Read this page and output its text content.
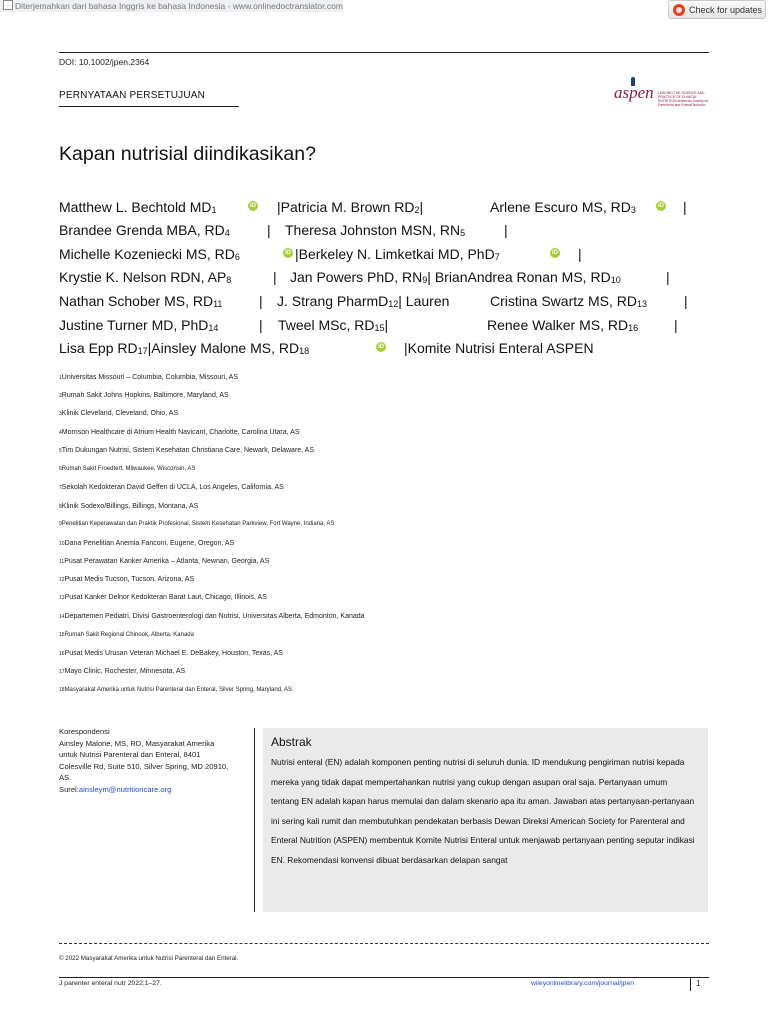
Diterjemahkan dari bahasa Inggris ke bahasa Indonesia - www.onlinedoctranslator.com	Check for updates
DOI: 10.1002/jpen.2364
PERNYATAAN PERSETUJUAN	aspen LEADING THE SCIENCE AND PRACTICE OF CLINICAL NUTRITION American Society for Parenteral and Enteral Nutrition
Kapan nutrisial diindikasikan?
Matthew L. Bechtold $MD_1$	iD |Patricia M. Brown $RD_2|$	Arlene Escuro MS, $RD_3$	iD |
Brandee Grenda MBA, $RD_4$	| Theresa Johnston MSN, $RN_5$	|
Michelle Kozeniecki MS, $RD_6$	iD |Berkeley N. Limketkai MD, PhD$_7$	iD |
Krystie K. Nelson RDN, $AP_8$	| Jan Powers PhD, $RN_9|$ BrianAndrea Ronan MS, $RD_{10}$	|
Nathan Schober MS, $RD_{11}$	| J. Strang PharmD$_{12}$| Lauren	Cristina Swartz MS, $RD_{13}$	|
Justine Turner MD, PhD$_{14}$	| Tweel MSc, $RD_{15}|$	Renee Walker MS, $RD_{16}$	|
Lisa Epp $RD_{17}|Ainsley$ Malone MS, $RD_{18}$	iD |Komite Nutrisi Enteral ASPEN
1Universitas Missouri – Columbia, Columbia, Missouri, AS
2Rumah Sakit Johns Hopkins, Baltimore, Maryland, AS
3Klinik Cleveland, Cleveland, Ohio, AS
4Morrison Healthcare di Atrium Health Navicant, Charlotte, Carolina Utara, AS
5Tim Dukungan Nutrisi, Sistem Kesehatan Christiana Care, Newark, Delaware, AS
6Rumah Sakit Froedtert, Milwaukee, Wisconsin, AS
7Sekolah Kedokteran David Geffen di UCLA, Los Angeles, California, AS
8Klinik Sodexo/Billings, Billings, Montana, AS
9Penelitian Keperawatan dan Praktik Profesional, Sistem Kesehatan Parkview, Fort Wayne, Indiana, AS
10Dana Penelitian Anemia Fanconi, Eugene, Oregon, AS
11Pusat Perawatan Kanker Amerika – Atlanta, Newnan, Georgia, AS
12Pusat Medis Tucson, Tucson, Arizona, AS
13Pusat Kanker Delnor Kedokteran Barat Laut, Chicago, Illinois, AS
14Departemen Pediatri, Divisi Gastroenterologi dan Nutrisi, Universitas Alberta, Edmonton, Kanada
15Rumah Sakit Regional Chinook, Alberta, Kanada
16Pusat Medis Urusan Veteran Michael E. DeBakey, Houston, Texas, AS
17Mayo Clinic, Rochester, Minnesota, AS
18Masyarakat Amerika untuk Nutrisi Parenteral dan Enteral, Silver Spring, Maryland, AS
Korespondensi
Ainsley Malone, MS, RD, Masyarakat Amerika
untuk Nutrisi Parenteral dan Enteral, 8401
Colesville Rd, Suite 510, Silver Spring, MD 20910,
AS.
Surel:ainsleym@nutritioncare.org
Abstrak
Nutrisi enteral (EN) adalah komponen penting nutrisi di seluruh dunia. ID mendukung pengiriman nutrisi kepada mereka yang tidak dapat mempertahankan nutrisi yang cukup dengan asupan oral saja. Pertanyaan umum tentang EN adalah kapan harus memulai dan dalam skenario apa itu aman. Jawaban atas pertanyaan-pertanyaan ini sering kali rumit dan membutuhkan pendekatan berbasis Dewan Direksi American Society for Parenteral and Enteral Nutrition (ASPEN) membentuk Komite Nutrisi Enteral untuk menjawab pertanyaan penting seputar indikasi EN. Rekomendasi konvensi dibuat berdasarkan delapan sangat
© 2022 Masyarakat Amerika untuk Nutrisi Parenteral dan Enteral.
J parenter enteral nutr 2022;1–27.	wileyonlinelibrary.com/journal/jpen	1
